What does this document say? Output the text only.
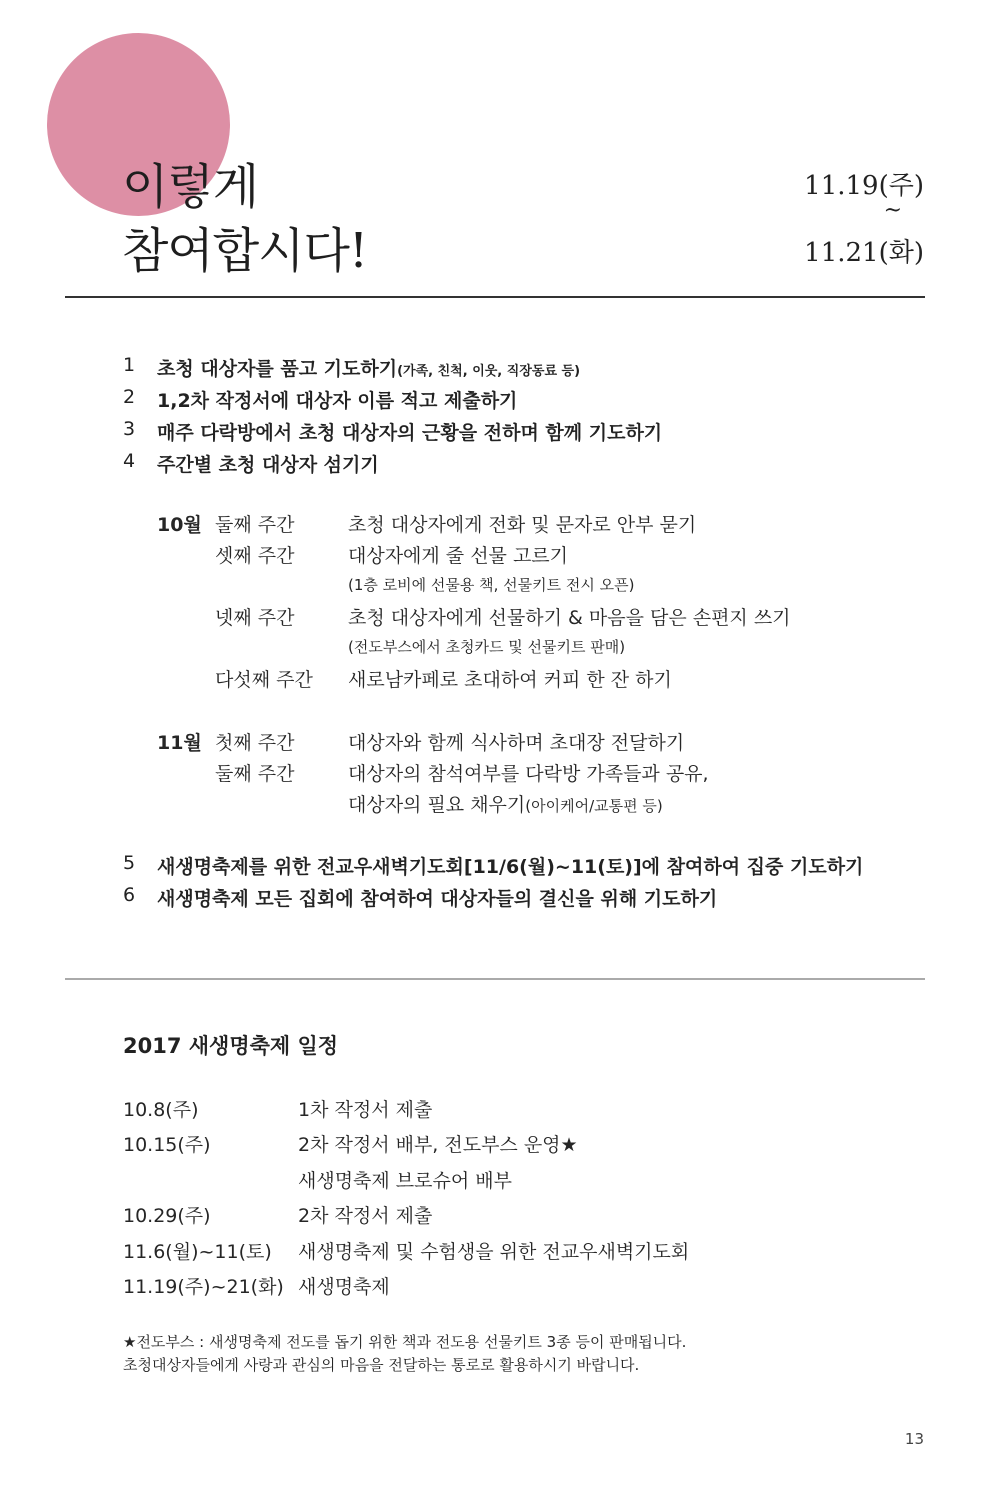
이렇게
참여합시다!
11.19(주)
~
11.21(화)
1 초청 대상자를 품고 기도하기(가족, 친척, 이웃, 직장동료 등)
2 1,2차 작정서에 대상자 이름 적고 제출하기
3 매주 다락방에서 초청 대상자의 근황을 전하며 함께 기도하기
4 주간별 초청 대상자 섬기기
10월 둘째 주간	초청 대상자에게 전화 및 문자로 안부 묻기
셋째 주간	대상자에게 줄 선물 고르기
(1층 로비에 선물용 책, 선물키트 전시 오픈)
넷째 주간	초청 대상자에게 선물하기 & 마음을 담은 손편지 쓰기
(전도부스에서 초청카드 및 선물키트 판매)
다섯째 주간 새로남카페로 초대하여 커피 한 잔 하기
11월 첫째 주간	대상자와 함께 식사하며 초대장 전달하기
둘째 주간	대상자의 참석여부를 다락방 가족들과 공유,
대상자의 필요 채우기(아이케어/교통편 등)
5 새생명축제를 위한 전교우새벽기도회[11/6(월)~11(토)]에 참여하여 집중 기도하기
6 새생명축제 모든 집회에 참여하여 대상자들의 결신을 위해 기도하기
2017 새생명축제 일정
10.8(주)	1차 작정서 제출
10.15(주)	2차 작정서 배부, 전도부스 운영★
새생명축제 브로슈어 배부
10.29(주)	2차 작정서 제출
11.6(월)~11(토) 새생명축제 및 수험생을 위한 전교우새벽기도회
11.19(주)~21(화) 새생명축제
★전도부스 : 새생명축제 전도를 돕기 위한 책과 전도용 선물키트 3종 등이 판매됩니다.
초청대상자들에게 사랑과 관심의 마음을 전달하는 통로로 활용하시기 바랍니다.
13
